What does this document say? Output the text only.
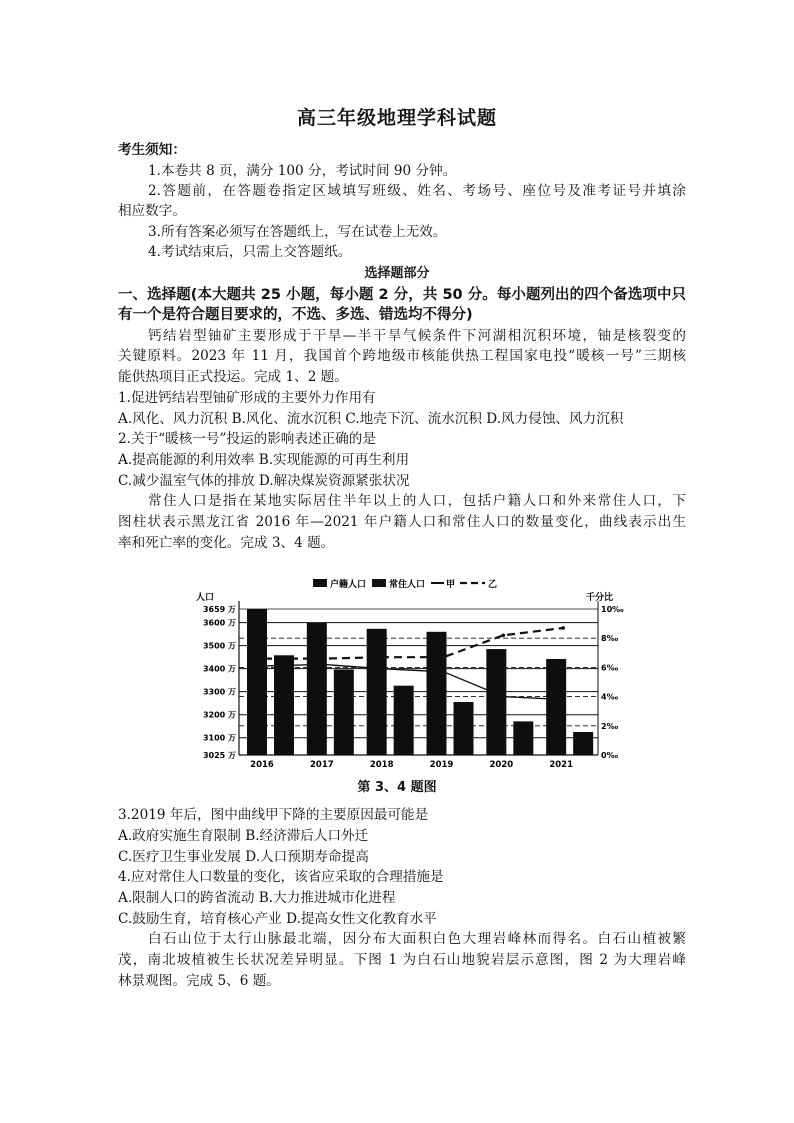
高三年级地理学科试题
考生须知：
1.本卷共 8 页，满分 100 分，考试时间 90 分钟。
2.答题前，在答题卷指定区域填写班级、姓名、考场号、座位号及准考证号并填涂
相应数字。
3.所有答案必须写在答题纸上，写在试卷上无效。
4.考试结束后，只需上交答题纸。
选择题部分
一、选择题(本大题共 25 小题，每小题 2 分，共 50 分。每小题列出的四个备选项中只
有一个是符合题目要求的，不选、多选、错选均不得分)
钙结岩型铀矿主要形成于干旱—半干旱气候条件下河湖相沉积环境，铀是核裂变的
关键原料。2023 年 11 月，我国首个跨地级市核能供热工程国家电投“暖核一号”三期核
能供热项目正式投运。完成 1、2 题。
1.促进钙结岩型铀矿形成的主要外力作用有
A.风化、风力沉积 B.风化、流水沉积 C.地壳下沉、流水沉积 D.风力侵蚀、风力沉积
2.关于“暖核一号”投运的影响表述正确的是
A.提高能源的利用效率 B.实现能源的可再生利用
C.减少温室气体的排放 D.解决煤炭资源紧张状况
常住人口是指在某地实际居住半年以上的人口，包括户籍人口和外来常住人口，下
图柱状表示黑龙江省 2016 年—2021 年户籍人口和常住人口的数量变化，曲线表示出生
率和死亡率的变化。完成 3、4 题。
户籍人口	常住人口 甲	乙
人口	千分比
3659 万
3600 万
3500 万
3400 万
3300 万
3200 万
3100 万
3025 万
10‰
8‰
6‰
4‰
2‰
0‰
2016	2017	2018	2019	2020	2021
第 3、4 题图
3.2019 年后，图中曲线甲下降的主要原因最可能是
A.政府实施生育限制 B.经济滞后人口外迁
C.医疗卫生事业发展 D.人口预期寿命提高
4.应对常住人口数量的变化，该省应采取的合理措施是
A.限制人口的跨省流动 B.大力推进城市化进程
C.鼓励生育，培育核心产业 D.提高女性文化教育水平
白石山位于太行山脉最北端，因分布大面积白色大理岩峰林而得名。白石山植被繁
茂，南北坡植被生长状况差异明显。下图 1 为白石山地貌岩层示意图，图 2 为大理岩峰
林景观图。完成 5、6 题。
